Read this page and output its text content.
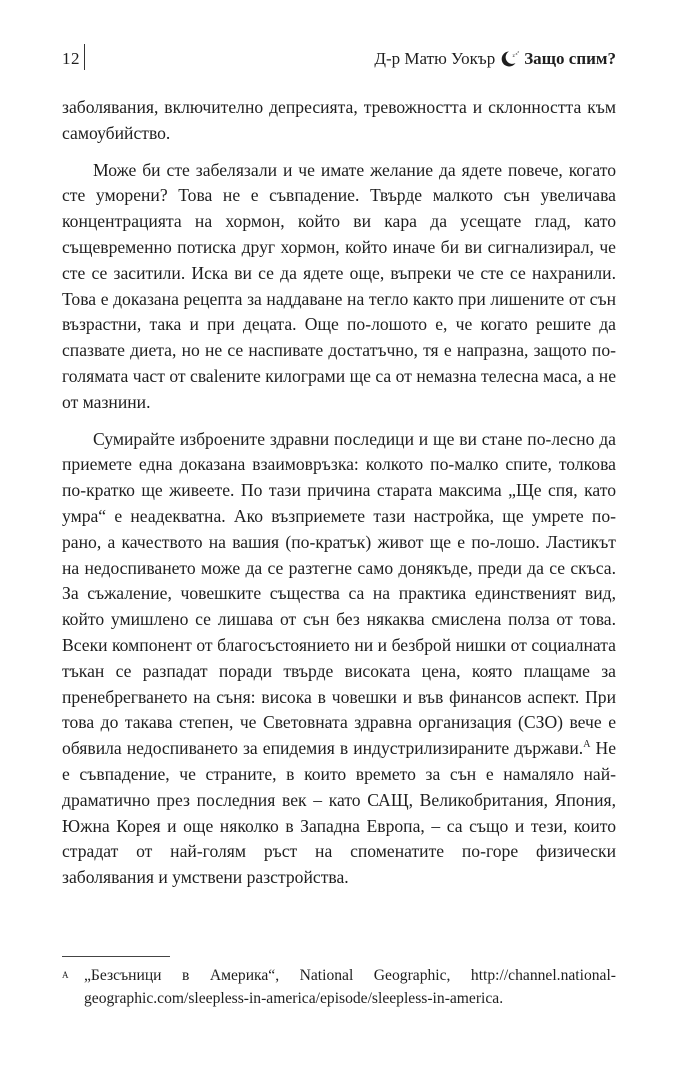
12	Д-р Матю Уокър	z z z Защо спим?

заболявания, включително депресията, тревожността и склонността към самоубийство.

Може би сте забелязали и че имате желание да ядете повече, когато сте уморени? Това не е съвпадение. Твърде малкото сън увеличава концентрацията на хормон, който ви кара да усещате глад, като същевременно потиска друг хормон, който иначе би ви сигнализирал, че сте се заситили. Иска ви се да ядете още, въпреки че сте се нахранили. Това е доказана рецепта за наддаване на тегло както при лишените от сън възрастни, така и при децата. Още по-лошото е, че когато решите да спазвате диета, но не се наспивате достатъчно, тя е напразна, защото по-голямата част от сваleните килограми ще са от немазна телесна маса, а не от мазнини.

Сумирайте изброените здравни последици и ще ви стане по-лесно да приемете една доказана взаимовръзка: колкото по-малко спите, толкова по-кратко ще живеете. По тази причина старата максима „Ще спя, като умра“ е неадекватна. Ако възприемете тази настройка, ще умрете по-рано, а качеството на вашия (по-кратък) живот ще е по-лошо. Ластикът на недоспиването може да се разтегне само донякъде, преди да се скъса. За съжаление, човешките същества са на практика единственият вид, който умишлено се лишава от сън без някаква смислена полза от това. Всеки компонент от благосъстоянието ни и безброй нишки от социалната тъкан се разпадат поради твърде високата цена, която плащаме за пренебрегването на съня: висока в човешки и във финансов аспект. При това до такава степен, че Световната здравна организация (СЗО) вече е обявила недоспиването за епидемия в индустрилизираните държави.$^A$ Не е съвпадение, че страните, в които времето за сън е намаляло най-драматично през последния век – като САЩ, Великобритания, Япония, Южна Корея и още няколко в Западна Европа, – са също и тези, които страдат от най-голям ръст на споменатите по-горе физически заболявания и умствени разстройства.

A „Безсъници в Америка“, National Geographic, http://channel.nationalgeographic.com/sleepless-in-america/episode/sleepless-in-america.
